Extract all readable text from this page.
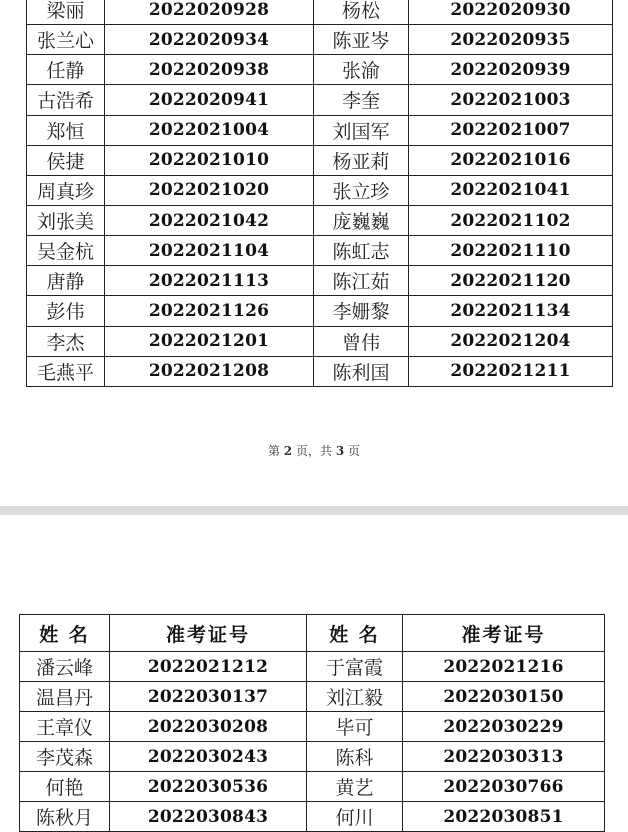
梁丽	2022020928	杨松	2022020930
张兰心	2022020934	陈亚岑	2022020935
任静	2022020938	张渝	2022020939
古浩希	2022020941	李奎	2022021003
郑恒	2022021004	刘国军	2022021007
侯捷	2022021010	杨亚莉	2022021016
周真珍	2022021020	张立珍	2022021041
刘张美	2022021042	庞巍巍	2022021102
吴金杭	2022021104	陈虹志	2022021110
唐静	2022021113	陈江茹	2022021120
彭伟	2022021126	李姗黎	2022021134
李杰	2022021201	曾伟	2022021204
毛燕平	2022021208	陈利国	2022021211
第 2 页，共 3 页
姓 名	准考证号	姓 名	准考证号
潘云峰	2022021212	于富霞	2022021216
温昌丹	2022030137	刘江毅	2022030150
王章仪	2022030208	毕可	2022030229
李茂森	2022030243	陈科	2022030313
何艳	2022030536	黄艺	2022030766
陈秋月	2022030843	何川	2022030851
